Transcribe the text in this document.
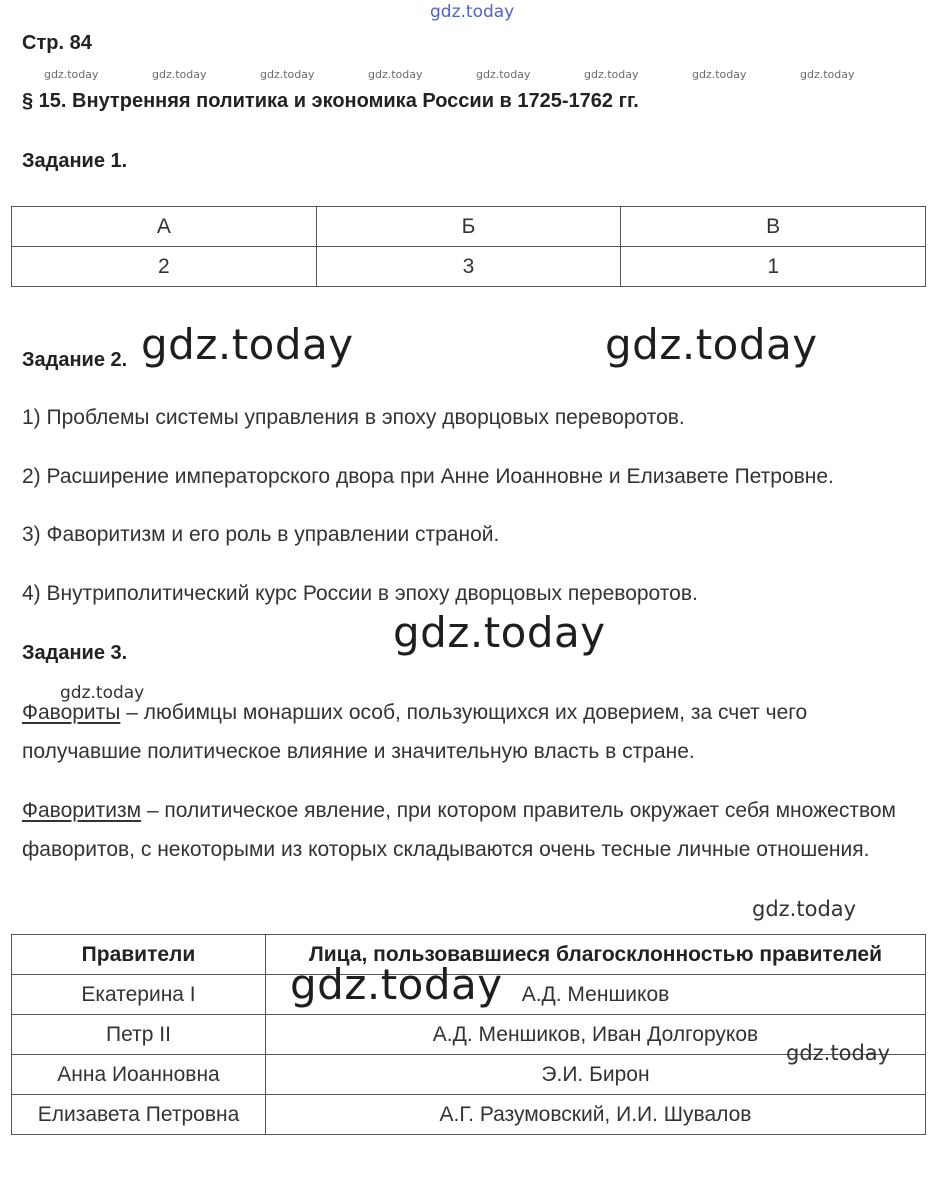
gdz.today
Стр. 84
gdz.today	gdz.today	gdz.today	gdz.today	gdz.today	gdz.today	gdz.today	gdz.today
§ 15. Внутренняя политика и экономика России в 1725-1762 гг.
Задание 1.
А	Б	В
2	3	1
Задание 2. gdz.today	gdz.today
1) Проблемы системы управления в эпоху дворцовых переворотов.
2) Расширение императорского двора при Анне Иоанновне и Елизавете Петровне.
3) Фаворитизм и его роль в управлении страной.
4) Внутриполитический курс России в эпоху дворцовых переворотов.
gdz.today
Задание 3.
gdz.today
Фавориты – любимцы монарших особ, пользующихся их доверием, за счет чего получавшие политическое влияние и значительную власть в стране.
Фаворитизм – политическое явление, при котором правитель окружает себя множеством фаворитов, с некоторыми из которых складываются очень тесные личные отношения.
Правители	Лица, пользовавшиеся благосклонностью правителей
Екатерина I	А.Д. Меншиков
Петр II	А.Д. Меншиков, Иван Долгоруков
Анна Иоанновна	Э.И. Бирон
Елизавета Петровна	А.Г. Разумовский, И.И. Шувалов
gdz.today
gdz.today
gdz.today
